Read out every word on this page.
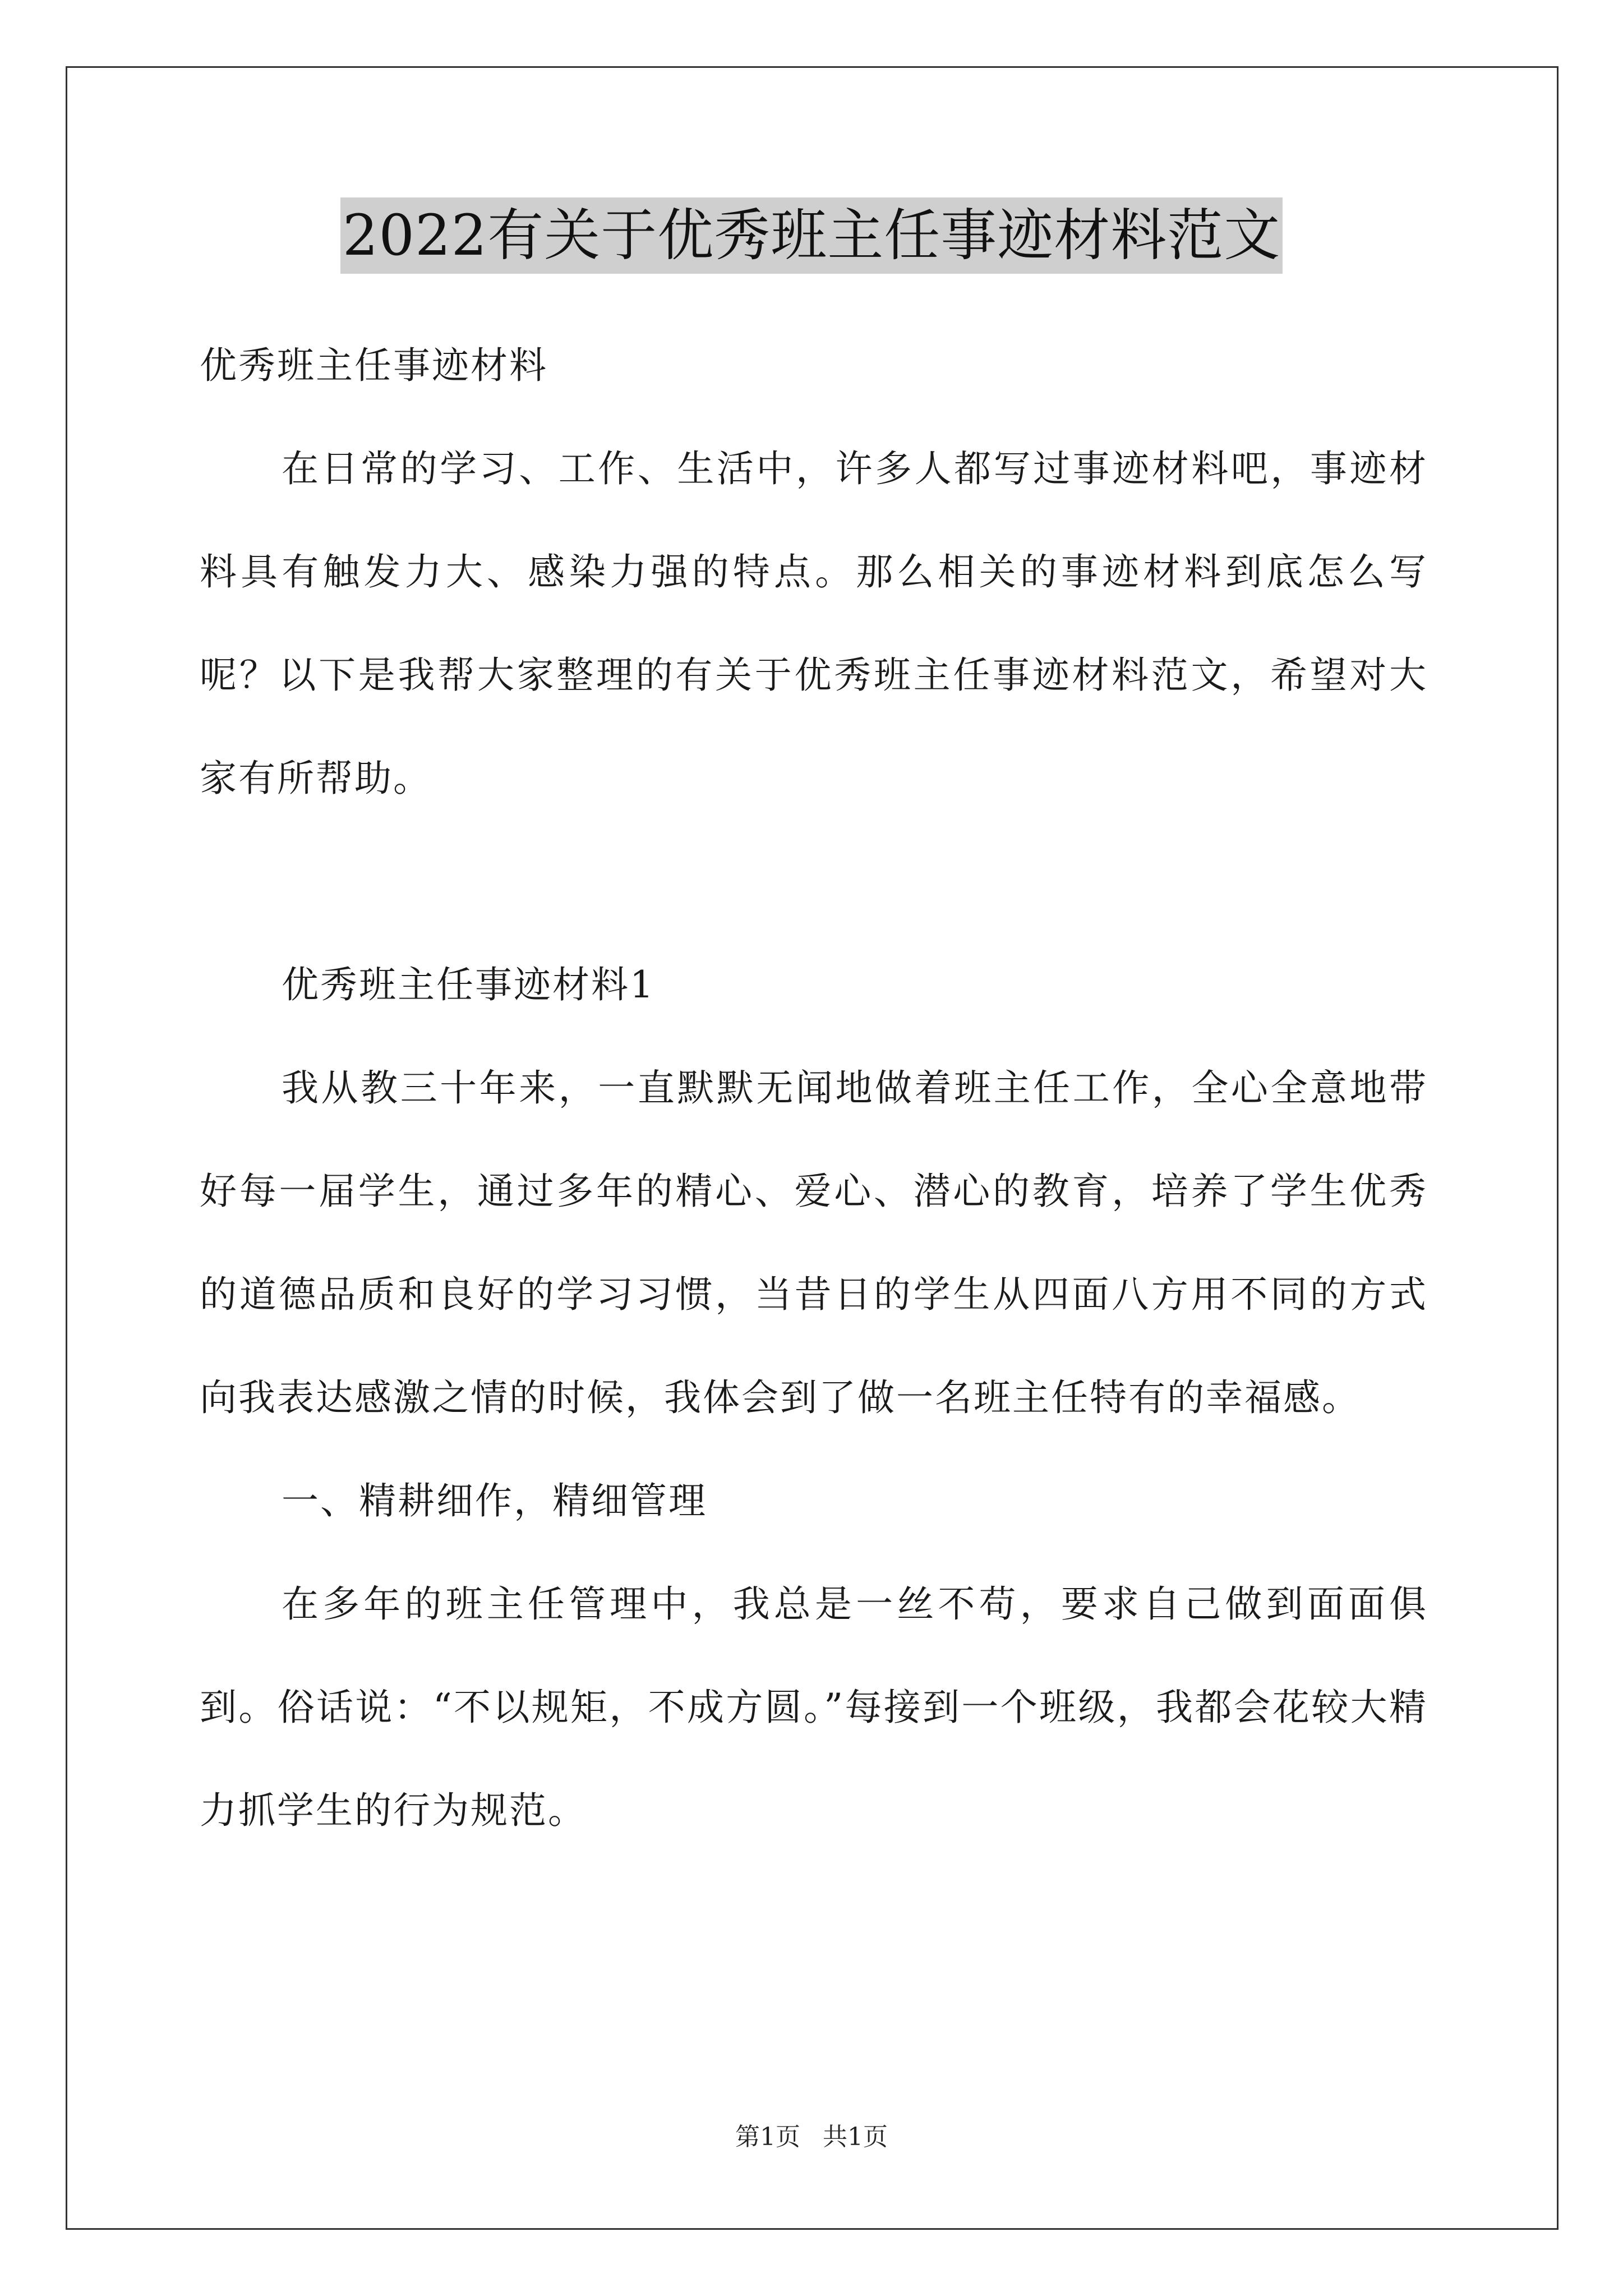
2022有关于优秀班主任事迹材料范文

优秀班主任事迹材料

在日常的学习、工作、生活中，许多人都写过事迹材料吧，事迹材料具有触发力大、感染力强的特点。那么相关的事迹材料到底怎么写呢？以下是我帮大家整理的有关于优秀班主任事迹材料范文，希望对大家有所帮助。

优秀班主任事迹材料1

我从教三十年来，一直默默无闻地做着班主任工作，全心全意地带好每一届学生，通过多年的精心、爱心、潜心的教育，培养了学生优秀的道德品质和良好的学习习惯，当昔日的学生从四面八方用不同的方式向我表达感激之情的时候，我体会到了做一名班主任特有的幸福感。

一、精耕细作，精细管理

在多年的班主任管理中，我总是一丝不苟，要求自己做到面面俱到。俗话说：“不以规矩，不成方圆。”每接到一个班级，我都会花较大精力抓学生的行为规范。

第1页 共1页
